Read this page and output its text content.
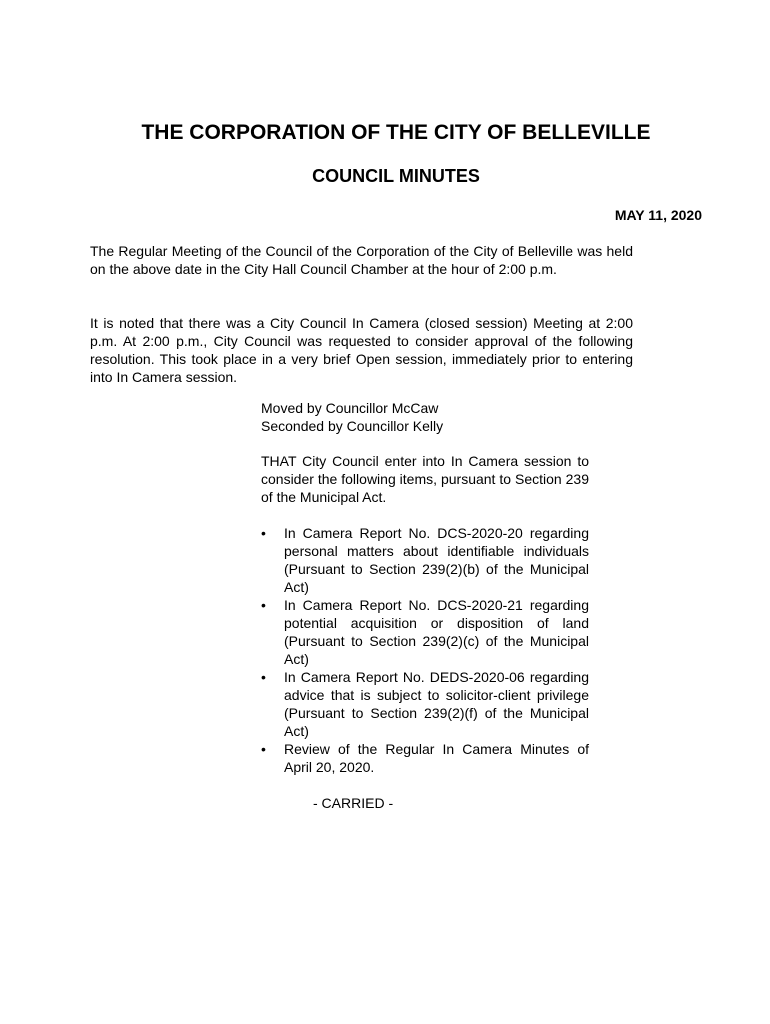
THE CORPORATION OF THE CITY OF BELLEVILLE
COUNCIL MINUTES
MAY 11, 2020

The Regular Meeting of the Council of the Corporation of the City of Belleville was held on the above date in the City Hall Council Chamber at the hour of 2:00 p.m.

It is noted that there was a City Council In Camera (closed session) Meeting at 2:00 p.m. At 2:00 p.m., City Council was requested to consider approval of the following resolution. This took place in a very brief Open session, immediately prior to entering into In Camera session.

Moved by Councillor McCaw
Seconded by Councillor Kelly

THAT City Council enter into In Camera session to consider the following items, pursuant to Section 239 of the Municipal Act.

•	In Camera Report No. DCS-2020-20 regarding personal matters about identifiable individuals (Pursuant to Section 239(2)(b) of the Municipal Act)
•	In Camera Report No. DCS-2020-21 regarding potential acquisition or disposition of land (Pursuant to Section 239(2)(c) of the Municipal Act)
•	In Camera Report No. DEDS-2020-06 regarding advice that is subject to solicitor-client privilege (Pursuant to Section 239(2)(f) of the Municipal Act)
•	Review of the Regular In Camera Minutes of April 20, 2020.
- CARRIED -
